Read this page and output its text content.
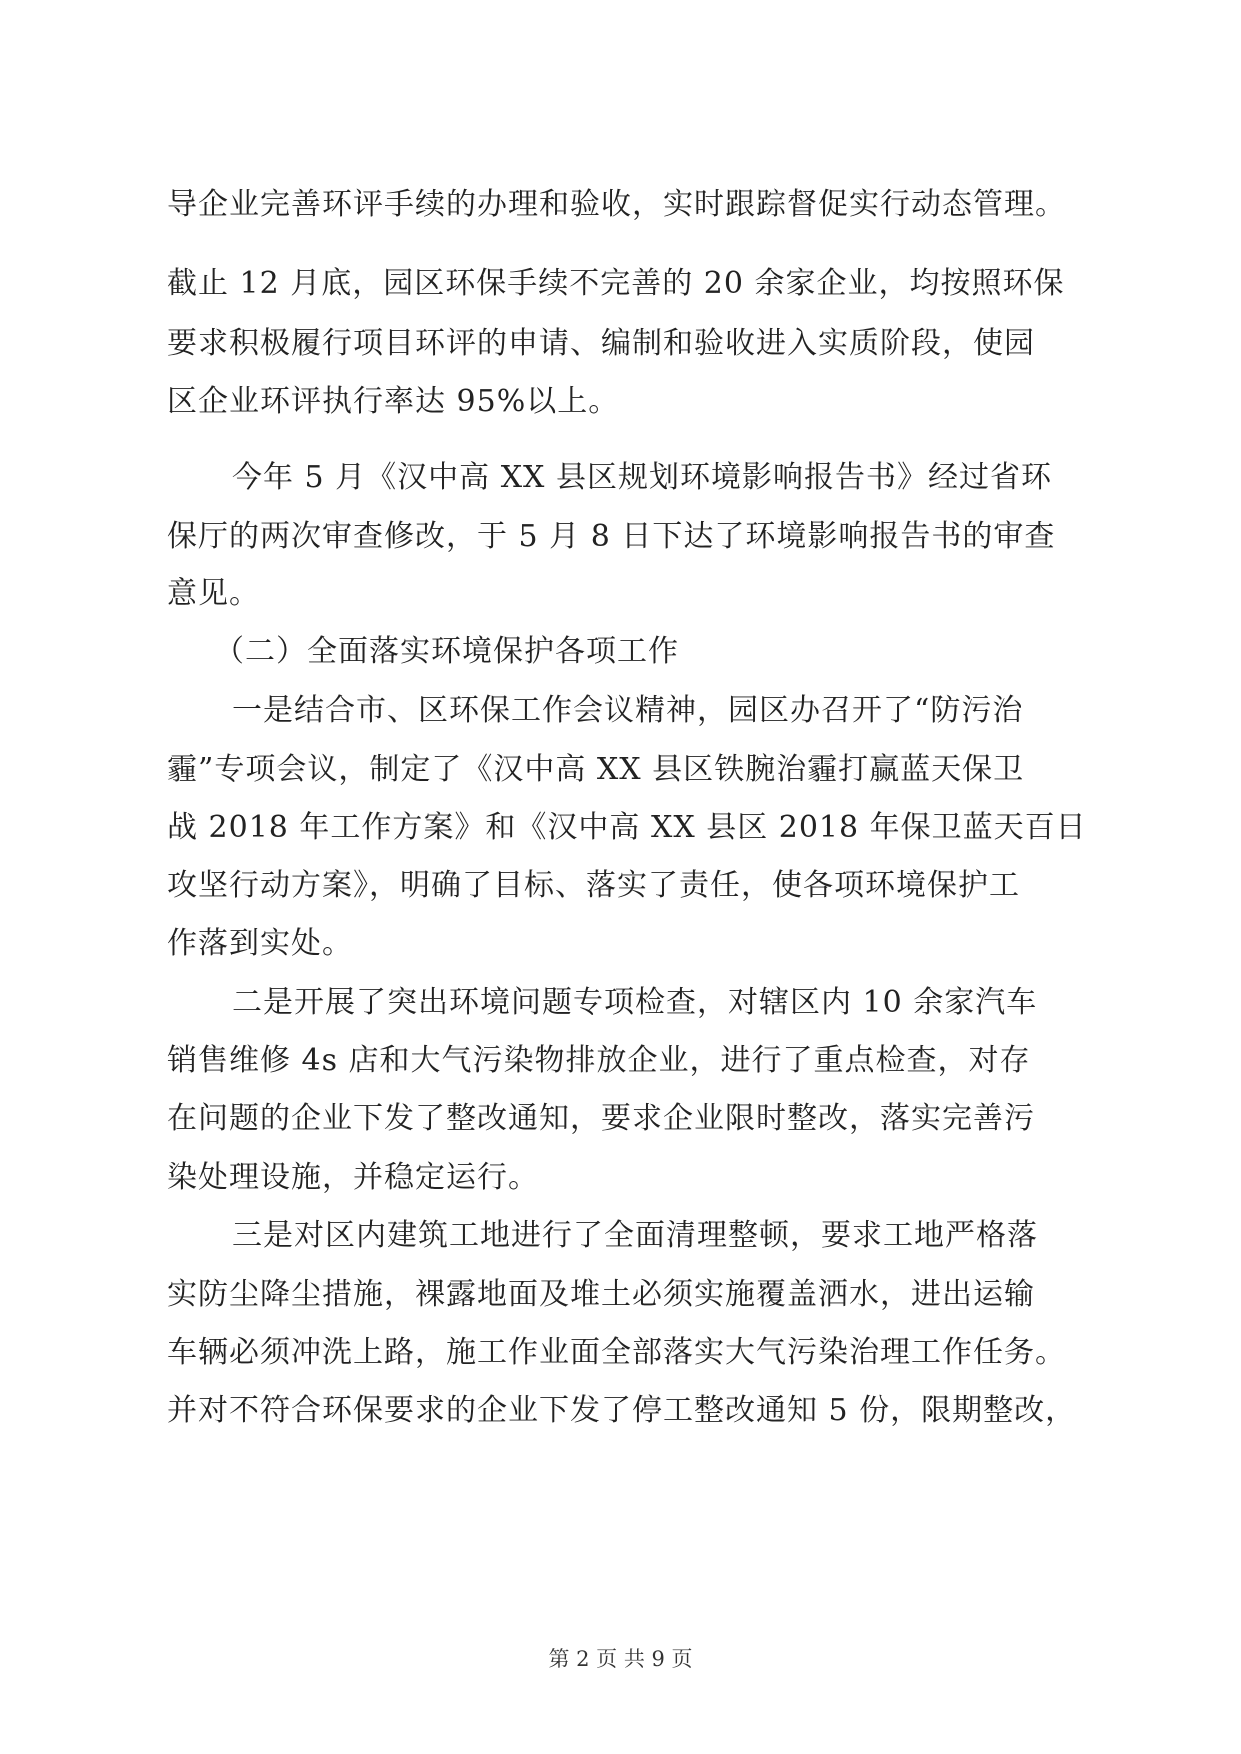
导企业完善环评手续的办理和验收，实时跟踪督促实行动态管理。
截止 12 月底，园区环保手续不完善的 20 余家企业，均按照环保
要求积极履行项目环评的申请、编制和验收进入实质阶段，使园
区企业环评执行率达 95%以上。
今年 5 月《汉中高 XX 县区规划环境影响报告书》经过省环
保厅的两次审查修改，于 5 月 8 日下达了环境影响报告书的审查
意见。
（二）全面落实环境保护各项工作
一是结合市、区环保工作会议精神，园区办召开了“防污治
霾”专项会议，制定了《汉中高 XX 县区铁腕治霾打赢蓝天保卫
战 2018 年工作方案》和《汉中高 XX 县区 2018 年保卫蓝天百日
攻坚行动方案》，明确了目标、落实了责任，使各项环境保护工
作落到实处。
二是开展了突出环境问题专项检查，对辖区内 10 余家汽车
销售维修 4s 店和大气污染物排放企业，进行了重点检查，对存
在问题的企业下发了整改通知，要求企业限时整改，落实完善污
染处理设施，并稳定运行。
三是对区内建筑工地进行了全面清理整顿，要求工地严格落
实防尘降尘措施，裸露地面及堆土必须实施覆盖洒水，进出运输
车辆必须冲洗上路，施工作业面全部落实大气污染治理工作任务。
并对不符合环保要求的企业下发了停工整改通知 5 份，限期整改，
第 2 页 共 9 页
